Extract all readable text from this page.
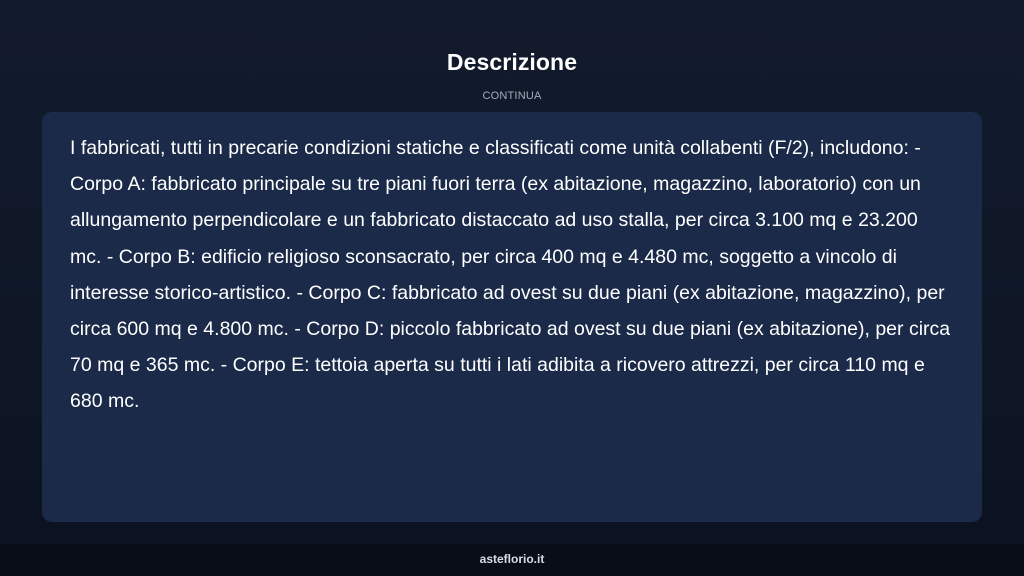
Descrizione
CONTINUA

I fabbricati, tutti in precarie condizioni statiche e classificati come unità collabenti (F/2), includono: - Corpo A: fabbricato principale su tre piani fuori terra (ex abitazione, magazzino, laboratorio) con un allungamento perpendicolare e un fabbricato distaccato ad uso stalla, per circa 3.100 mq e 23.200 mc. - Corpo B: edificio religioso sconsacrato, per circa 400 mq e 4.480 mc, soggetto a vincolo di interesse storico-artistico. - Corpo C: fabbricato ad ovest su due piani (ex abitazione, magazzino), per circa 600 mq e 4.800 mc. - Corpo D: piccolo fabbricato ad ovest su due piani (ex abitazione), per circa 70 mq e 365 mc. - Corpo E: tettoia aperta su tutti i lati adibita a ricovero attrezzi, per circa 110 mq e 680 mc.

asteflorio.it
